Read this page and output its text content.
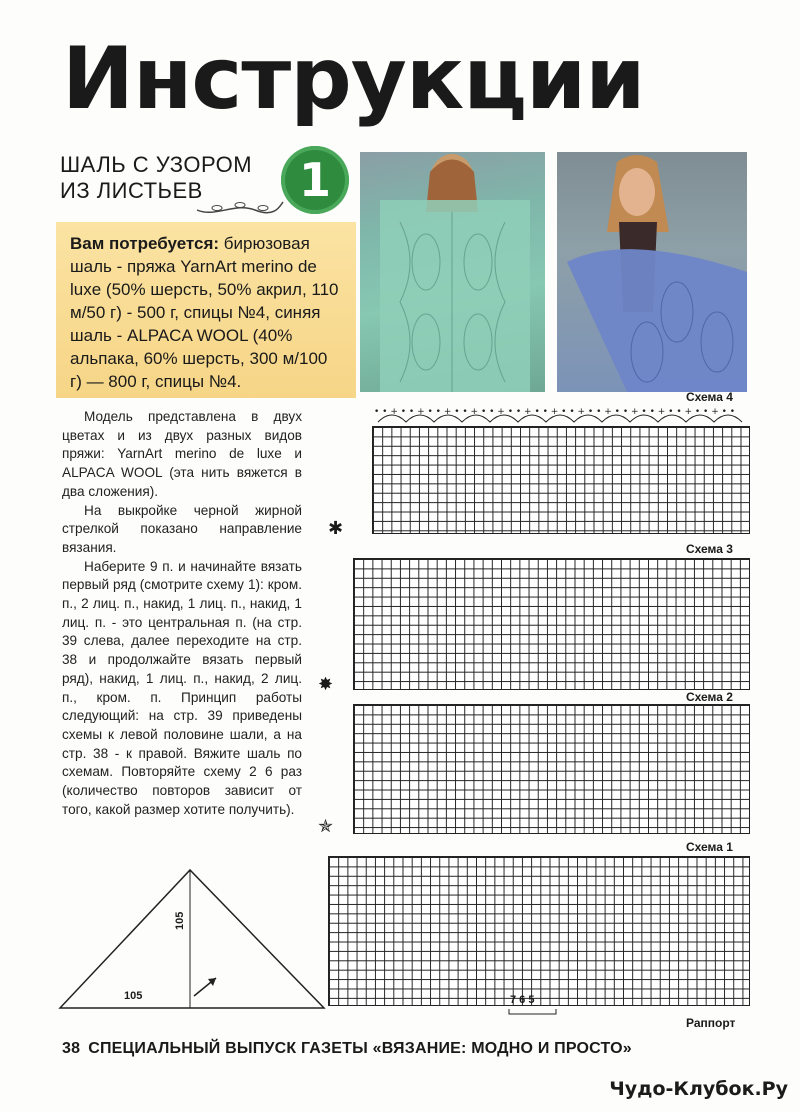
Инструкции
ШАЛЬ С УЗОРОМ
ИЗ ЛИСТЬЕВ	1
Вам потребуется: бирюзовая шаль - пряжа YarnArt merino de luxe (50% шерсть, 50% акрил, 110 м/50 г) - 500 г, спицы №4, синяя шаль - ALPACA WOOL (40% альпака, 60% шерсть, 300 м/100 г) — 800 г, спицы №4.
Схема 4
• • + • • + • • + • • + • • + • • + • • + • • + • • + • • + • • + • • + • • + • •
✱
Схема 3
✸
Схема 2
✯
Схема 1
7 6 5
Раппорт

Модель представлена в двух цветах и из двух разных видов пряжи: YarnArt merino de luxe и ALPACA WOOL (эта нить вяжется в два сложения).

На выкройке черной жирной стрелкой показано направление вязания.

Наберите 9 п. и начинайте вязать первый ряд (смотрите схему 1): кром. п., 2 лиц. п., накид, 1 лиц. п., накид, 1 лиц. п. - это центральная п. (на стр. 39 слева, далее переходите на стр. 38 и продолжайте вязать первый ряд), накид, 1 лиц. п., накид, 2 лиц. п., кром. п. Принцип работы следующий: на стр. 39 приведены схемы к левой половине шали, а на стр. 38 - к правой. Вяжите шаль по схемам. Повторяйте схему 2 6 раз (количество повторов зависит от того, какой размер хотите получить).

105
105
38 СПЕЦИАЛЬНЫЙ ВЫПУСК ГАЗЕТЫ «ВЯЗАНИЕ: МОДНО И ПРОСТО»
Чудо-Клубок.Ру
